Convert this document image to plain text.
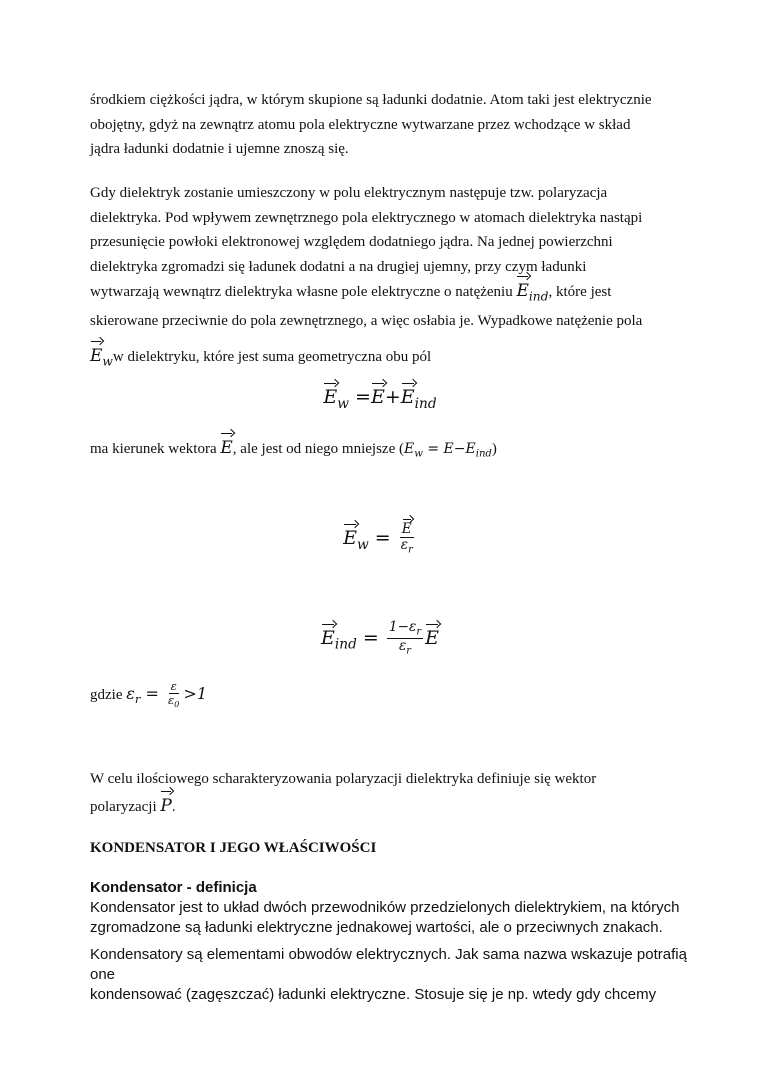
środkiem ciężkości jądra, w którym skupione są ładunki dodatnie. Atom taki jest elektrycznie
obojętny, gdyż na zewnątrz atomu pola elektryczne wytwarzane przez wchodzące w skład
jądra ładunki dodatnie i ujemne znoszą się.

Gdy dielektryk zostanie umieszczony w polu elektrycznym następuje tzw. polaryzacja
dielektryka. Pod wpływem zewnętrznego pola elektrycznego w atomach dielektryka nastąpi
przesunięcie powłoki elektronowej względem dodatniego jądra. Na jednej powierzchni
dielektryka zgromadzi się ładunek dodatni a na drugiej ujemny, przy czym ładunki
wytwarzają wewnątrz dielektryka własne pole elektryczne o natężeniu $E_{ind}$, które jest
skierowane przeciwnie do pola zewnętrznego, a więc osłabia je. Wypadkowe natężenie pola

$E_ww$ dielektryku, które jest suma geometryczna obu pól
$E_w =E+E_{ind}$
ma kierunek wektora E, ale jest od niego mniejsze $(E_w = E-E_{ind})$
$E_w = \frac{E}{\varepsilon_r}$
$E_{ind} = \frac{1-\varepsilon_r}{\varepsilon_r}$ E
gdzie $\varepsilon_r = \frac{\varepsilon}{\varepsilon_0} >1$
W celu ilościowego scharakteryzowania polaryzacji dielektryka definiuje się wektor
polaryzacji P.

KONDENSATOR I JEGO WŁAŚCIWOŚCI

Kondensator - definicja
Kondensator jest to układ dwóch przewodników przedzielonych dielektrykiem, na których
zgromadzone są ładunki elektryczne jednakowej wartości, ale o przeciwnych znakach.
Kondensatory są elementami obwodów elektrycznych. Jak sama nazwa wskazuje potrafią one
kondensować (zagęszczać) ładunki elektryczne. Stosuje się je np. wtedy gdy chcemy
